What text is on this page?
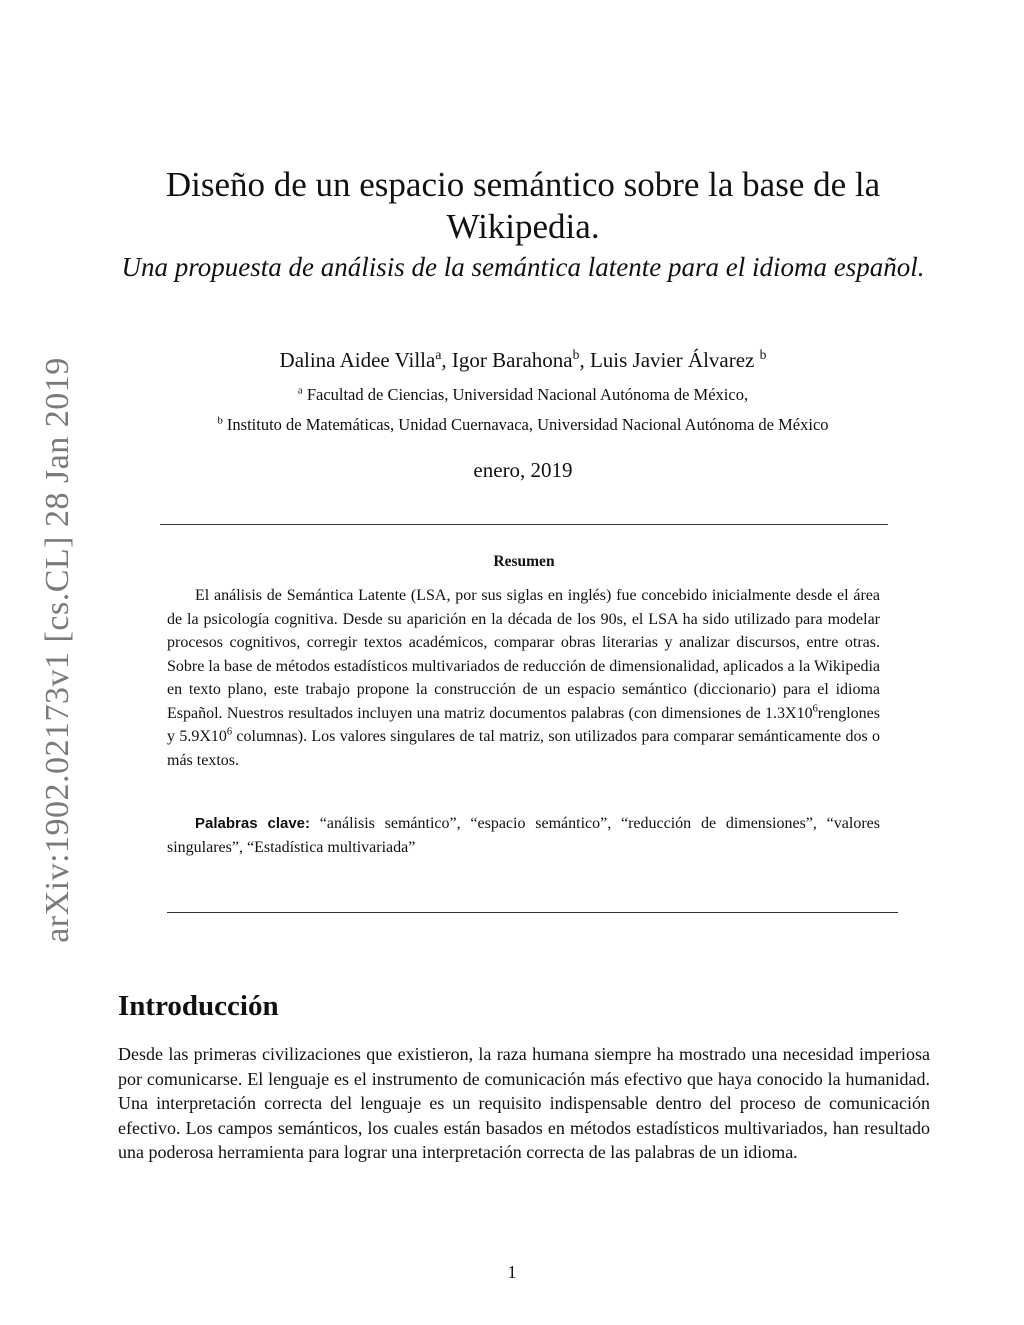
arXiv:1902.02173v1 [cs.CL] 28 Jan 2019
Diseño de un espacio semántico sobre la base de la Wikipedia.

Una propuesta de análisis de la semántica latente para el idioma español.

Dalina Aidee Villa$^a$, Igor Barahona$^b$, Luis Javier Álvarez $^b$
$^a$ Facultad de Ciencias, Universidad Nacional Autónoma de México,
$^b$ Instituto de Matemáticas, Unidad Cuernavaca, Universidad Nacional Autónoma de México
enero, 2019
Resumen

El análisis de Semántica Latente (LSA, por sus siglas en inglés) fue concebido inicialmente desde el área de la psicología cognitiva. Desde su aparición en la década de los 90s, el LSA ha sido utilizado para modelar procesos cognitivos, corregir textos académicos, comparar obras literarias y analizar discursos, entre otras. Sobre la base de métodos estadísticos multivariados de reducción de dimensionalidad, aplicados a la Wikipedia en texto plano, este trabajo propone la construcción de un espacio semántico (diccionario) para el idioma Español. Nuestros resultados incluyen una matriz documentos palabras (con dimensiones de $1.3X10^6renglones$ y $5.9X10^6$ columnas). Los valores singulares de tal matriz, son utilizados para comparar semánticamente dos o más textos.

Palabras clave: “análisis semántico”, “espacio semántico”, “reducción de dimensiones”, “valores singulares”, “Estadística multivariada”

Introducción

Desde las primeras civilizaciones que existieron, la raza humana siempre ha mostrado una necesidad imperiosa por comunicarse. El lenguaje es el instrumento de comunicación más efectivo que haya conocido la humanidad. Una interpretación correcta del lenguaje es un requisito indispensable dentro del proceso de comunicación efectivo. Los campos semánticos, los cuales están basados en métodos estadísticos multivariados, han resultado una poderosa herramienta para lograr una interpretación correcta de las palabras de un idioma.

1
